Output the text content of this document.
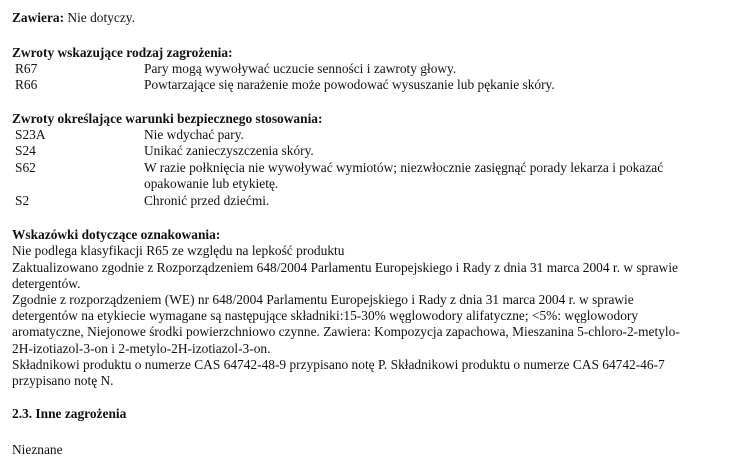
Zawiera: Nie dotyczy.
Zwroty wskazujące rodzaj zagrożenia:
R67	Pary mogą wywoływać uczucie senności i zawroty głowy.
R66	Powtarzające się narażenie może powodować wysuszanie lub pękanie skóry.
Zwroty określające warunki bezpiecznego stosowania:
S23A	Nie wdychać pary.
S24	Unikać zanieczyszczenia skóry.
S62	W razie połknięcia nie wywoływać wymiotów; niezwłocznie zasięgnąć porady lekarza i pokazać
opakowanie lub etykietę.
S2	Chronić przed dziećmi.
Wskazówki dotyczące oznakowania:
Nie podlega klasyfikacji R65 ze względu na lepkość produktu
Zaktualizowano zgodnie z Rozporządzeniem 648/2004 Parlamentu Europejskiego i Rady z dnia 31 marca 2004 r. w sprawie
detergentów.
Zgodnie z rozporządzeniem (WE) nr 648/2004 Parlamentu Europejskiego i Rady z dnia 31 marca 2004 r. w sprawie
detergentów na etykiecie wymagane są następujące składniki:15-30% węglowodory alifatyczne; <5%: węglowodory
aromatyczne, Niejonowe środki powierzchniowo czynne. Zawiera: Kompozycja zapachowa, Mieszanina 5-chloro-2-metylo-
2H-izotiazol-3-on i 2-metylo-2H-izotiazol-3-on.
Składnikowi produktu o numerze CAS 64742-48-9 przypisano notę P. Składnikowi produktu o numerze CAS 64742-46-7
przypisano notę N.
2.3. Inne zagrożenia
Nieznane
